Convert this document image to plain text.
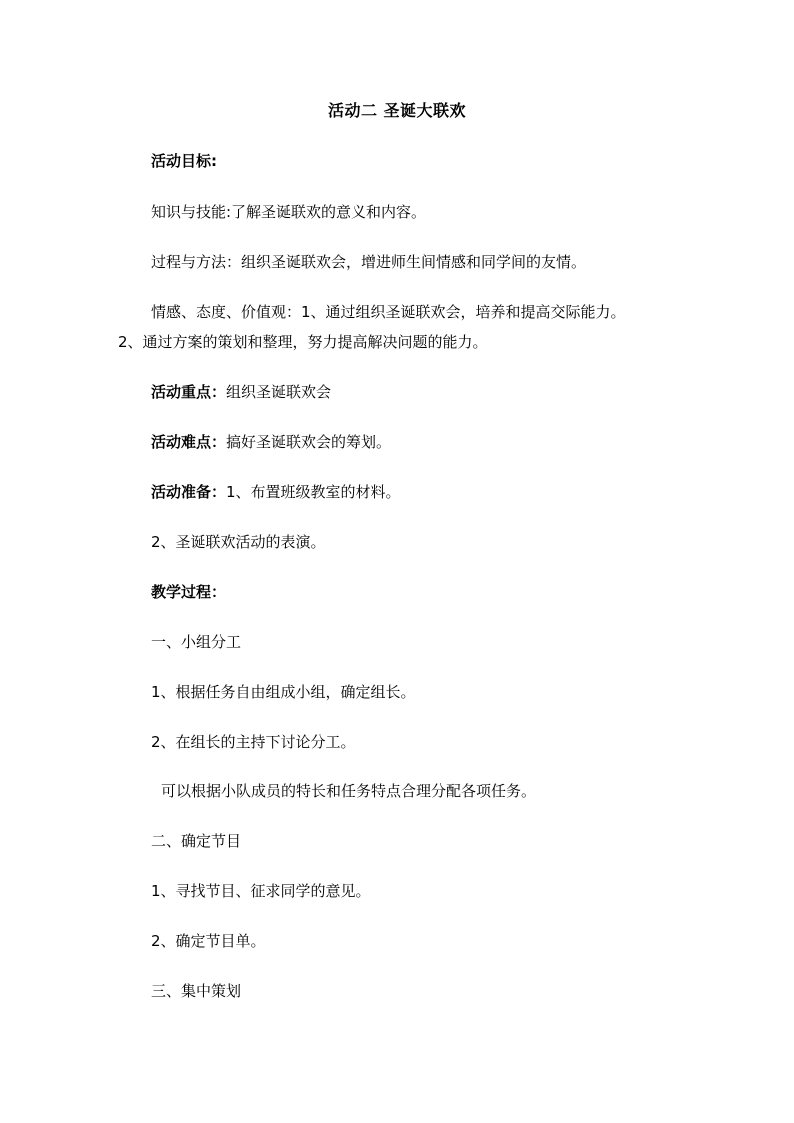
活动二 圣诞大联欢
活动目标:
知识与技能:了解圣诞联欢的意义和内容。
过程与方法：组织圣诞联欢会，增进师生间情感和同学间的友情。
情感、态度、价值观：1、通过组织圣诞联欢会，培养和提高交际能力。
2、通过方案的策划和整理，努力提高解决问题的能力。
活动重点：组织圣诞联欢会
活动难点：搞好圣诞联欢会的筹划。
活动准备：1、布置班级教室的材料。
2、圣诞联欢活动的表演。
教学过程：
一、小组分工
1、根据任务自由组成小组，确定组长。
2、在组长的主持下讨论分工。
可以根据小队成员的特长和任务特点合理分配各项任务。
二、确定节目
1、寻找节目、征求同学的意见。
2、确定节目单。
三、集中策划
